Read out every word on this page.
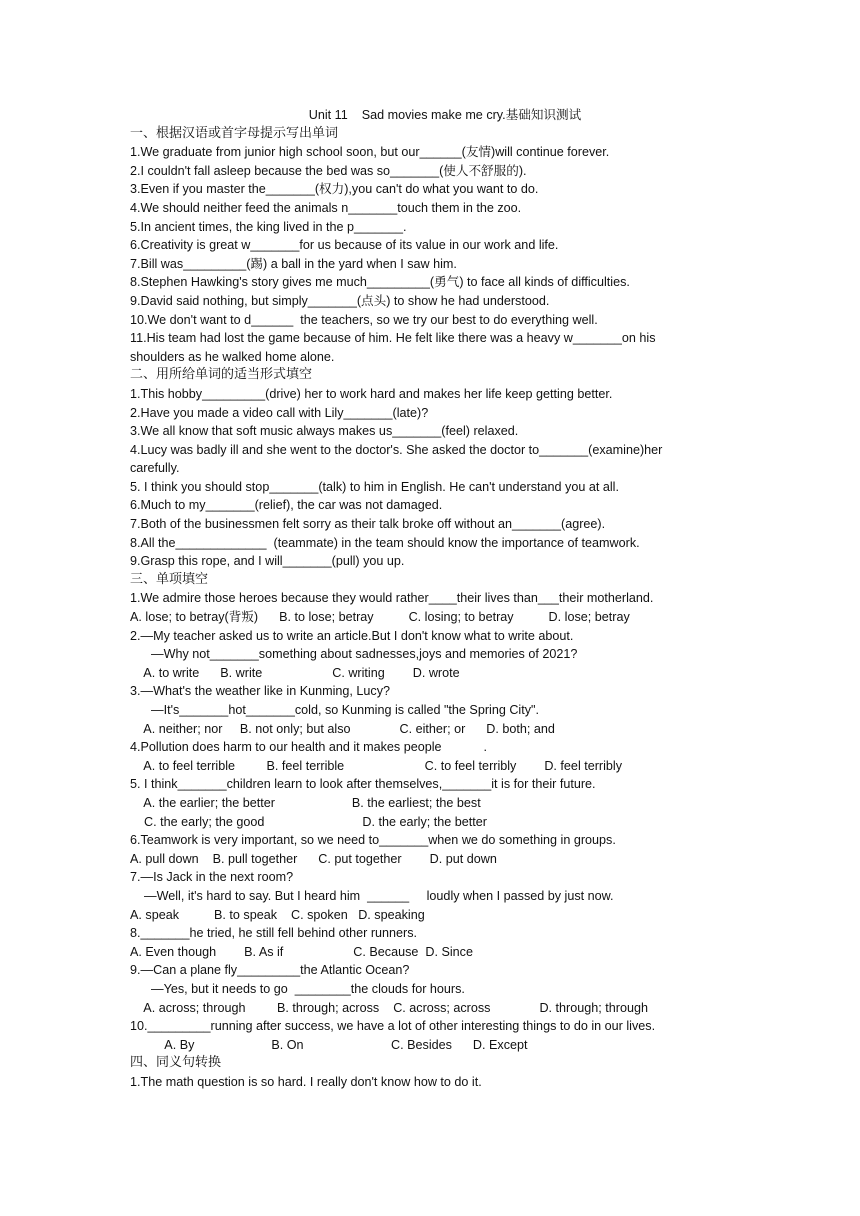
Unit 11    Sad movies make me cry.基础知识测试
一、根据汉语或首字母提示写出单词
1.We graduate from junior high school soon, but our______(友情)will continue forever.
2.I couldn't fall asleep because the bed was so_______(使人不舒服的).
3.Even if you master the_______(权力),you can't do what you want to do.
4.We should neither feed the animals n_______touch them in the zoo.
5.In ancient times, the king lived in the p_______.
6.Creativity is great w_______for us because of its value in our work and life.
7.Bill was_________(踢) a ball in the yard when I saw him.
8.Stephen Hawking's story gives me much_________(勇气) to face all kinds of difficulties.
9.David said nothing, but simply_______(点头) to show he had understood.
10.We don't want to d______  the teachers, so we try our best to do everything well.
11.His team had lost the game because of him. He felt like there was a heavy w_______on his
shoulders as he walked home alone.
二、用所给单词的适当形式填空
1.This hobby_________(drive) her to work hard and makes her life keep getting better.
2.Have you made a video call with Lily_______(late)?
3.We all know that soft music always makes us_______(feel) relaxed.
4.Lucy was badly ill and she went to the doctor's. She asked the doctor to_______(examine)her
carefully.
5. I think you should stop_______(talk) to him in English. He can't understand you at all.
6.Much to my_______(relief), the car was not damaged.
7.Both of the businessmen felt sorry as their talk broke off without an_______(agree).
8.All the_____________  (teammate) in the team should know the importance of teamwork.
9.Grasp this rope, and I will_______(pull) you up.
三、单项填空
1.We admire those heroes because they would rather____their lives than___their motherland.
A. lose; to betray(背叛)      B. to lose; betray          C. losing; to betray          D. lose; betray
2.—My teacher asked us to write an article.But I don't know what to write about.
—Why not_______something about sadnesses,joys and memories of 2021?
A. to write      B. write                    C. writing        D. wrote
3.—What's the weather like in Kunming, Lucy?
—It's_______hot_______cold, so Kunming is called "the Spring City".
A. neither; nor     B. not only; but also              C. either; or      D. both; and
4.Pollution does harm to our health and it makes people            .
A. to feel terrible         B. feel terrible                       C. to feel terribly        D. feel terribly
5. I think_______children learn to look after themselves,_______it is for their future.
A. the earlier; the better                      B. the earliest; the best
C. the early; the good                            D. the early; the better
6.Teamwork is very important, so we need to_______when we do something in groups.
A. pull down    B. pull together      C. put together        D. put down
7.—Is Jack in the next room?
—Well, it's hard to say. But I heard him  ______     loudly when I passed by just now.
A. speak          B. to speak    C. spoken   D. speaking
8._______he tried, he still fell behind other runners.
A. Even though        B. As if                    C. Because  D. Since
9.—Can a plane fly_________the Atlantic Ocean?
—Yes, but it needs to go  ________the clouds for hours.
A. across; through         B. through; across    C. across; across              D. through; through
10._________running after success, we have a lot of other interesting things to do in our lives.
A. By                      B. On                         C. Besides      D. Except
四、同义句转换
1.The math question is so hard. I really don't know how to do it.
